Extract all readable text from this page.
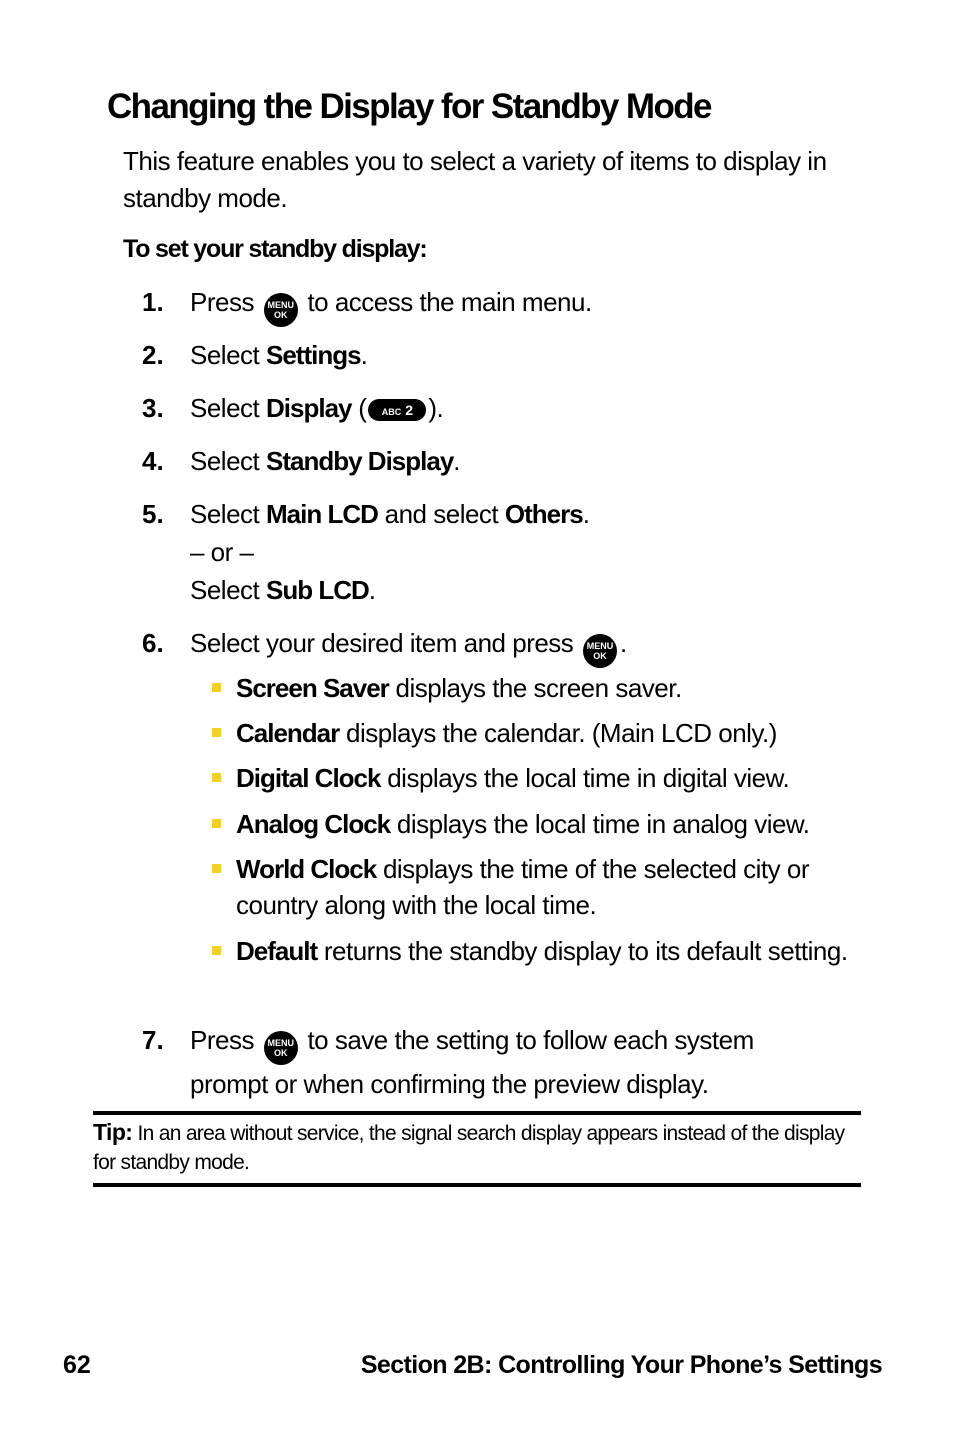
Changing the Display for Standby Mode
This feature enables you to select a variety of items to display in standby mode.
To set your standby display:
1. Press MENU
OK to access the main menu.
2. Select Settings.
3. Select Display ( ABC 2 ).
4. Select Standby Display.
5. Select Main LCD and select Others.
– or –
Select Sub LCD.
6. Select your desired item and press MENU
OK .
Screen Saver displays the screen saver.
Calendar displays the calendar. (Main LCD only.)
Digital Clock displays the local time in digital view.
Analog Clock displays the local time in analog view.
World Clock displays the time of the selected city or country along with the local time.
Default returns the standby display to its default setting.
7. Press MENU
OK to save the setting to follow each system
prompt or when confirming the preview display.
Tip: In an area without service, the signal search display appears instead of the display for standby mode.
62	Section 2B: Controlling Your Phone’s Settings
